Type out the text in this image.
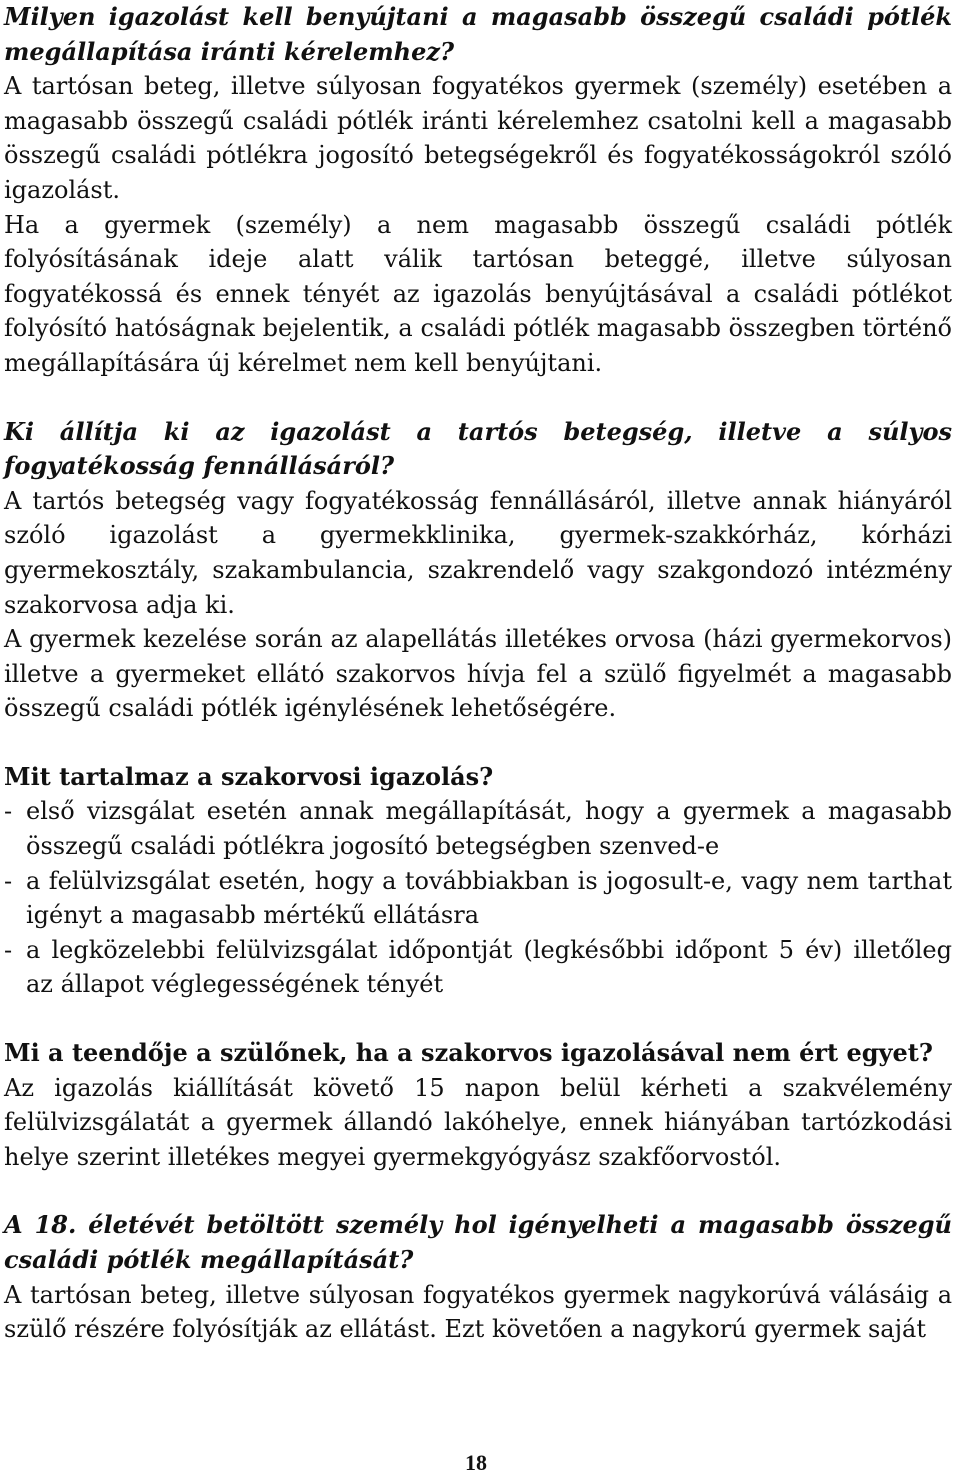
Milyen igazolást kell benyújtani a magasabb összegű családi pótlék megállapítása iránti kérelemhez?

A tartósan beteg, illetve súlyosan fogyatékos gyermek (személy) esetében a magasabb összegű családi pótlék iránti kérelemhez csatolni kell a magasabb összegű családi pótlékra jogosító betegségekről és fogyatékosságokról szóló igazolást.

Ha a gyermek (személy) a nem magasabb összegű családi pótlék folyósításának ideje alatt válik tartósan beteggé, illetve súlyosan fogyatékossá és ennek tényét az igazolás benyújtásával a családi pótlékot folyósító hatóságnak bejelentik, a családi pótlék magasabb összegben történő megállapítására új kérelmet nem kell benyújtani.

Ki állítja ki az igazolást a tartós betegség, illetve a súlyos fogyatékosság fennállásáról?

A tartós betegség vagy fogyatékosság fennállásáról, illetve annak hiányáról szóló igazolást a gyermekklinika, gyermek-szakkórház, kórházi gyermekosztály, szakambulancia, szakrendelő vagy szakgondozó intézmény szakorvosa adja ki.

A gyermek kezelése során az alapellátás illetékes orvosa (házi gyermekorvos) illetve a gyermeket ellátó szakorvos hívja fel a szülő figyelmét a magasabb összegű családi pótlék igénylésének lehetőségére.

Mit tartalmaz a szakorvosi igazolás?
- első vizsgálat esetén annak megállapítását, hogy a gyermek a magasabb összegű családi pótlékra jogosító betegségben szenved-e
- a felülvizsgálat esetén, hogy a továbbiakban is jogosult-e, vagy nem tarthat igényt a magasabb mértékű ellátásra
- a legközelebbi felülvizsgálat időpontját (legkésőbbi időpont 5 év) illetőleg az állapot véglegességének tényét
Mi a teendője a szülőnek, ha a szakorvos igazolásával nem ért egyet?

Az igazolás kiállítását követő 15 napon belül kérheti a szakvélemény felülvizsgálatát a gyermek állandó lakóhelye, ennek hiányában tartózkodási helye szerint illetékes megyei gyermekgyógyász szakfőorvostól.

A 18. életévét betöltött személy hol igényelheti a magasabb összegű családi pótlék megállapítását?

A tartósan beteg, illetve súlyosan fogyatékos gyermek nagykorúvá válásáig a szülő részére folyósítják az ellátást. Ezt követően a nagykorú gyermek saját

18
